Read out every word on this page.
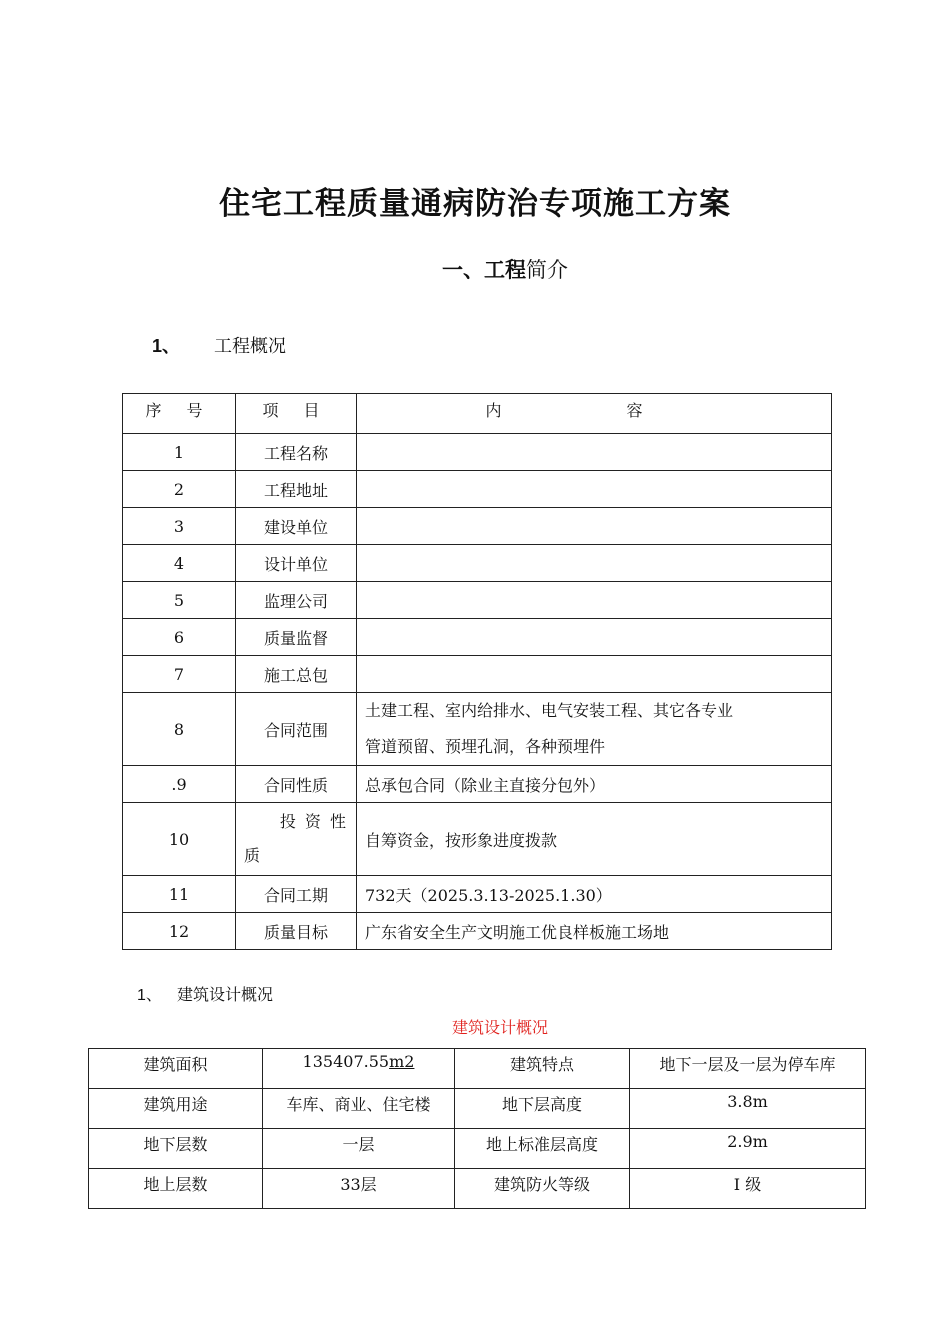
住宅工程质量通病防治专项施工方案
一、工程简介
1、 工程概况
序 号	项 目	内 容
1	工程名称	
2	工程地址	
3	建设单位	
4	设计单位	
5	监理公司	
6	质量监督	
7	施工总包	
8	合同范围	土建工程、室内给排水、电气安装工程、其它各专业
管道预留、预埋孔洞，各种预埋件

.9	合同性质	总承包合同（除业主直接分包外）
10	投 资 性
质	自筹资金，按形象进度拨款
11	合同工期	732天（2025.3.13-2025.1.30）
12	质量目标	广东省安全生产文明施工优良样板施工场地
1、 建筑设计概况
建筑设计概况
建筑面积	135407.55m2	建筑特点	地下一层及一层为停车库
建筑用途	车库、商业、住宅楼	地下层高度	3.8m
地下层数	一层	地上标准层高度	2.9m
地上层数	33层	建筑防火等级	Ⅰ 级
